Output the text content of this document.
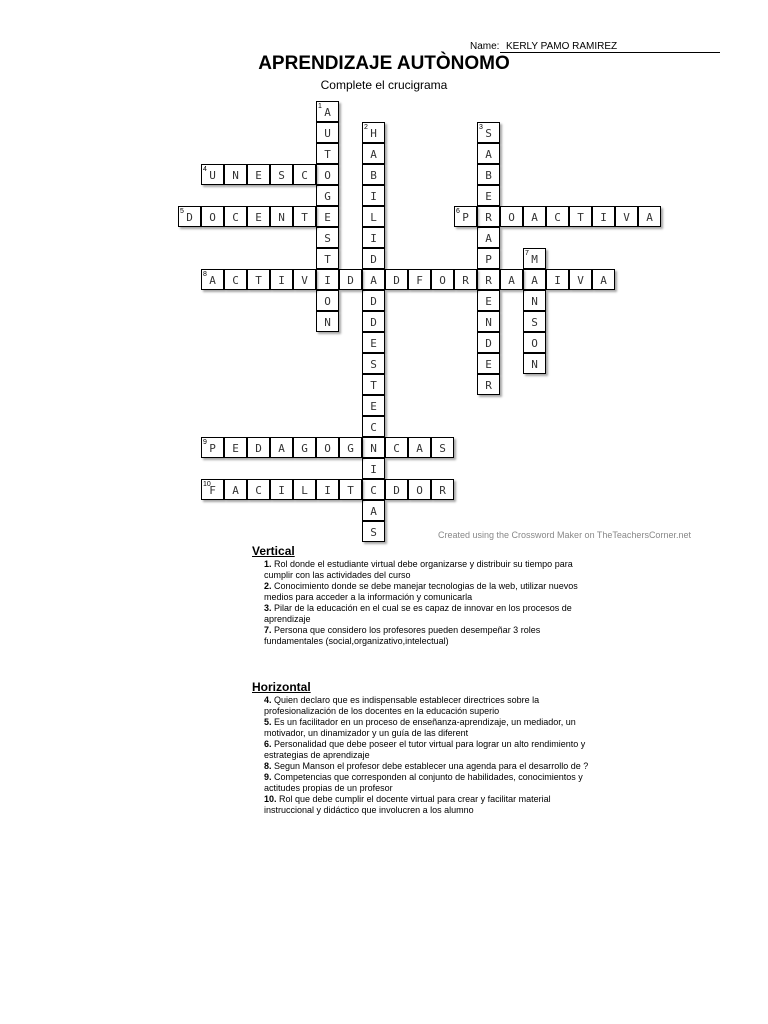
Name: KERLY PAMO RAMIREZ
APRENDIZAJE AUTÒNOMO
Complete el crucigrama
A
1
U
T
O
G
E
S
T
I
O
N
H
2
A
B
I
L
I
D
A
D
D
E
S
T
E
C
N
I
C
A
S
S
3
A
B
E
R
A
P
R
E
N
D
E
R
U
4	N	E	S	C
D
5	O	C	E	N	T	P
6	O	A	C	T	I	V	A
M
7
A
N
S
O
N
A
8	C	T	I	V	D	D	F	O	R	A	I	V	A
P
9	E	D	A	G	O	G	C	A	S
F
10	A	C	I	L	I	T	D	O	R
Created using the Crossword Maker on TheTeachersCorner.net
Vertical
1. Rol donde el estudiante virtual debe organizarse y distribuir su tiempo para cumplir con las actividades del curso
2. Conocimiento donde se debe manejar tecnologias de la web, utilizar nuevos medios para acceder a la información y comunicarla
3. Pilar de la educación en el cual se es capaz de innovar en los procesos de aprendizaje
7. Persona que considero los profesores pueden desempeñar 3 roles fundamentales (social,organizativo,intelectual)
Horizontal
4. Quien declaro que es indispensable establecer directrices sobre la profesionalización de los docentes en la educación superio
5. Es un facilitador en un proceso de enseñanza-aprendizaje, un mediador, un motivador, un dinamizador y un guía de las diferent
6. Personalidad que debe poseer el tutor virtual para lograr un alto rendimiento y estrategias de aprendizaje
8. Segun Manson el profesor debe establecer una agenda para el desarrollo de ?
9. Competencias que corresponden al conjunto de habilidades, conocimientos y actitudes propias de un profesor
10. Rol que debe cumplir el docente virtual para crear y facilitar material instruccional y didáctico que involucren a los alumno
